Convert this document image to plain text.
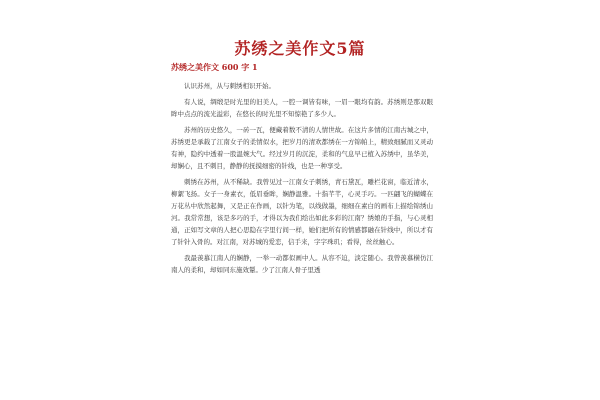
苏绣之美作文5篇
苏绣之美作文 600 字 1

认识苏州，从与刺绣相识开始。

有人说，绸缎是时光里的旧美人，一腔一调皆有味，一眉一眼均有韵。苏绣则是那双眼眸中点点的流光溢彩，在悠长的时光里不知惊艳了多少人。

苏州的历史悠久，一砖一瓦，便藏着数不清的人情世故。在这片多情的江南古城之中，苏绣更是承载了江南女子的柔情似水，把岁月的清欢都绣在一方锦帕上，精致细腻而又灵动有神，隐约中透着一股温婉大气。经过岁月的沉淀，柔和的气息早已植入苏绣中，虽华美，却娴心，且不刺目，静静的抚摸细密的针线，也是一种享受。

刺绣在苏州，从不稀缺。我曾见过一江南女子刺绣，青石黛瓦，雕栏花窗，临近清水，柳絮飞扬。女子一身素衣，低眉垂眸，娴静温雅。十指芊芊，心灵手巧。一匹翩飞的蝴蝶在万花丛中欣然起舞，又是正在作画，以针为笔，以线做墨，细细在素白的画布上描绘锦绣山河。我常常想，该是多巧的手，才得以为我们绘出如此多彩的江南？绣娘的手指，与心灵相通，正如写文章的人把心思隐在字里行间一样，她们把所有的情感都融在针线中，所以才有了针针入骨的。对江南，对苏城的爱恋，信手来，字字珠玑；看得，丝丝触心。

我最羡慕江南人的娴静，一举一动都似画中人。从容不迫，淡定随心。我曾羡慕横仿江南人的柔和，却如同东施效颦。少了江南人骨子里透
